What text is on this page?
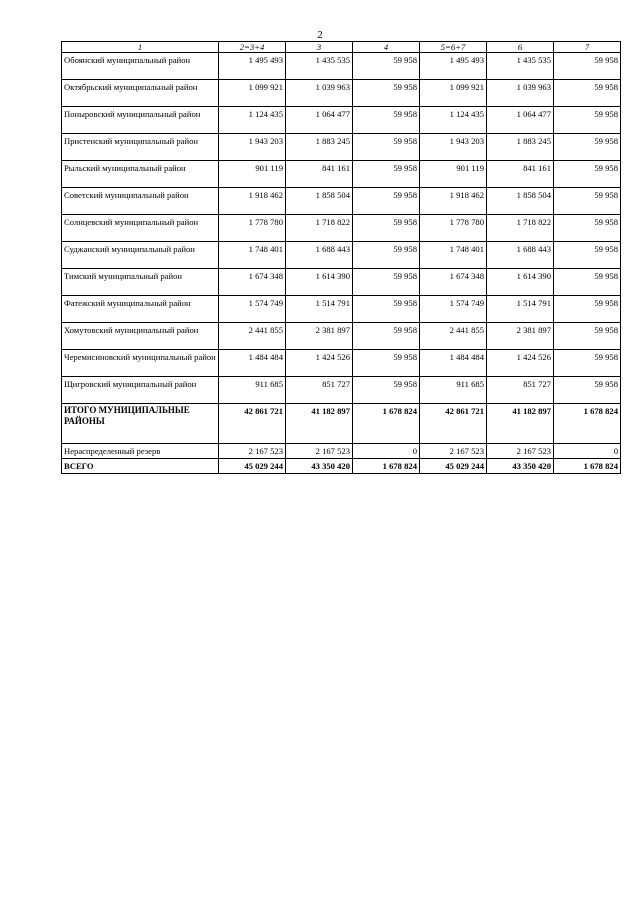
2
1	2=3+4	3	4	5=6+7	6	7
Обоянский муниципальный район	1 495 493	1 435 535	59 958	1 495 493	1 435 535	59 958
Октябрьский муниципальный район	1 099 921	1 039 963	59 958	1 099 921	1 039 963	59 958
Поныровский муниципальный район	1 124 435	1 064 477	59 958	1 124 435	1 064 477	59 958
Пристенский муниципальный район	1 943 203	1 883 245	59 958	1 943 203	1 883 245	59 958
Рыльский муниципальный район	901 119	841 161	59 958	901 119	841 161	59 958
Советский муниципальный район	1 918 462	1 858 504	59 958	1 918 462	1 858 504	59 958
Солнцевский муниципальный район	1 778 780	1 718 822	59 958	1 778 780	1 718 822	59 958
Суджанский муниципальный район	1 748 401	1 688 443	59 958	1 748 401	1 688 443	59 958
Тимский муниципальный район	1 674 348	1 614 390	59 958	1 674 348	1 614 390	59 958
Фатежский муниципальный район	1 574 749	1 514 791	59 958	1 574 749	1 514 791	59 958
Хомутовский муниципальный район	2 441 855	2 381 897	59 958	2 441 855	2 381 897	59 958
Черемисиновский муниципальный район	1 484 484	1 424 526	59 958	1 484 484	1 424 526	59 958
Щигровский муниципальный район	911 685	851 727	59 958	911 685	851 727	59 958
ИТОГО МУНИЦИПАЛЬНЫЕ РАЙОНЫ	42 861 721	41 182 897	1 678 824	42 861 721	41 182 897	1 678 824
Нераспределенный резерв	2 167 523	2 167 523	0	2 167 523	2 167 523	0
ВСЕГО	45 029 244	43 350 420	1 678 824	45 029 244	43 350 420	1 678 824
